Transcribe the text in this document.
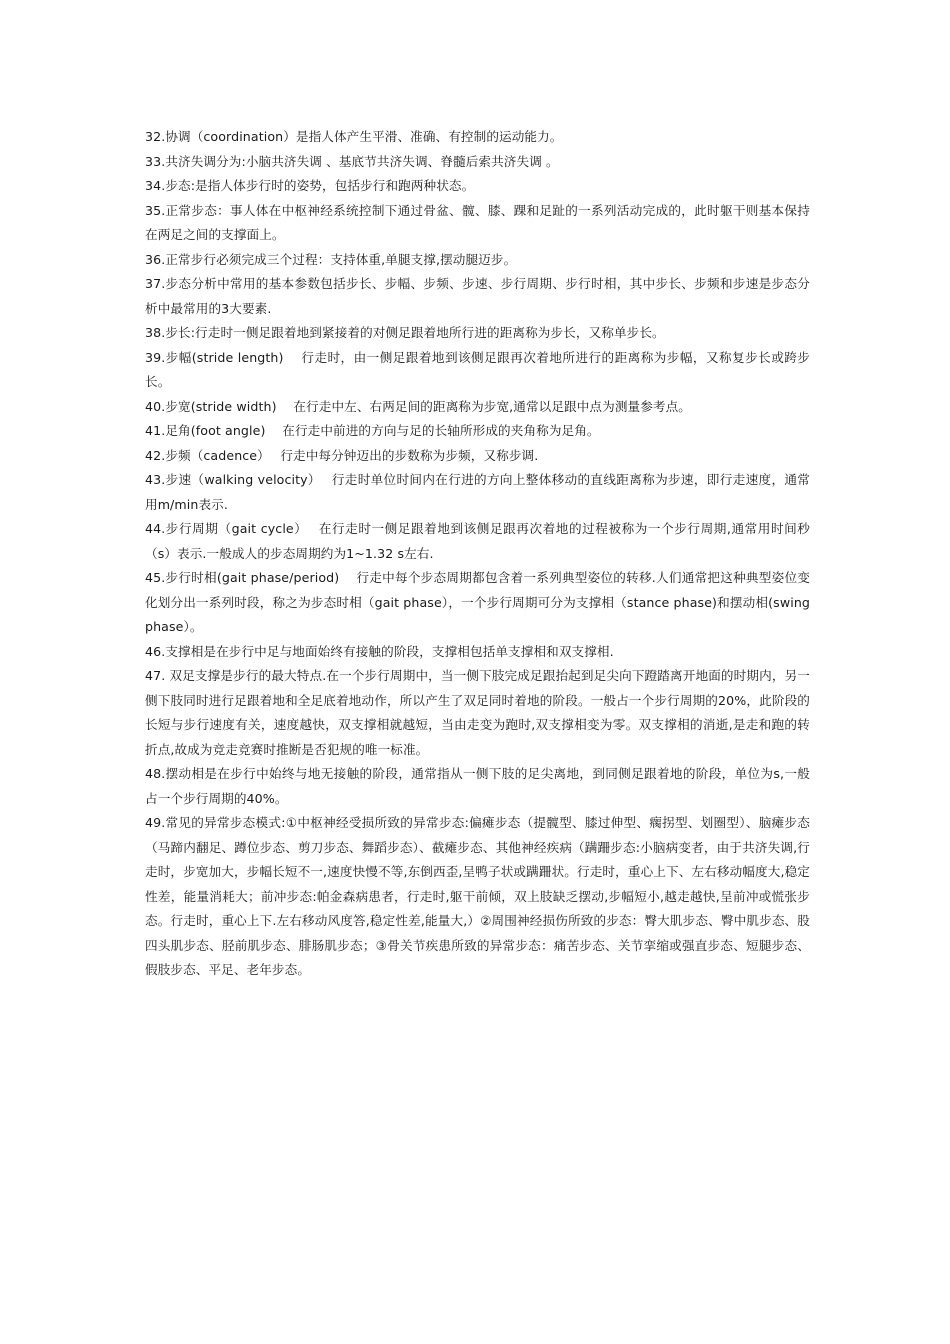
32.协调（coordination）是指人体产生平滑、准确、有控制的运动能力。

33.共济失调分为:小脑共济失调 、基底节共济失调、脊髓后索共济失调 。

34.步态:是指人体步行时的姿势，包括步行和跑两种状态。

35.正常步态：事人体在中枢神经系统控制下通过骨盆、髋、膝、踝和足趾的一系列活动完成的，此时躯干则基本保持在两足之间的支撑面上。

36.正常步行必须完成三个过程：支持体重,单腿支撑,摆动腿迈步。

37.步态分析中常用的基本参数包括步长、步幅、步频、步速、步行周期、步行时相，其中步长、步频和步速是步态分析中最常用的3大要素.

38.步长:行走时一侧足跟着地到紧接着的对侧足跟着地所行进的距离称为步长，又称单步长。

39.步幅(stride length)　 行走时，由一侧足跟着地到该侧足跟再次着地所进行的距离称为步幅，又称复步长或跨步长。

40.步宽(stride width)　 在行走中左、右两足间的距离称为步宽,通常以足跟中点为测量参考点。

41.足角(foot angle)　 在行走中前进的方向与足的长轴所形成的夹角称为足角。

42.步频（cadence）　 行走中每分钟迈出的步数称为步频，又称步调.

43.步速（walking velocity）　 行走时单位时间内在行进的方向上整体移动的直线距离称为步速，即行走速度，通常用m/min表示.

44.步行周期（gait cycle）　 在行走时一侧足跟着地到该侧足跟再次着地的过程被称为一个步行周期,通常用时间秒（s）表示.一般成人的步态周期约为1~1.32 s左右.

45.步行时相(gait phase/period)　 行走中每个步态周期都包含着一系列典型姿位的转移.人们通常把这种典型姿位变化划分出一系列时段，称之为步态时相（gait phase），一个步行周期可分为支撑相（stance phase)和摆动相(swing phase）。

46.支撑相是在步行中足与地面始终有接触的阶段，支撑相包括单支撑相和双支撑相.

47. 双足支撑是步行的最大特点.在一个步行周期中，当一侧下肢完成足跟抬起到足尖向下蹬踏离开地面的时期内，另一侧下肢同时进行足跟着地和全足底着地动作，所以产生了双足同时着地的阶段。一般占一个步行周期的20%，此阶段的长短与步行速度有关，速度越快，双支撑相就越短，当由走变为跑时,双支撑相变为零。双支撑相的消逝,是走和跑的转折点,故成为竞走竞赛时推断是否犯规的唯一标准。

48.摆动相是在步行中始终与地无接触的阶段，通常指从一侧下肢的足尖离地，到同侧足跟着地的阶段，单位为s,一般占一个步行周期的40%。

49.常见的异常步态模式:①中枢神经受损所致的异常步态:偏瘫步态（提髋型、膝过伸型、瘸拐型、划圈型）、脑瘫步态（马蹄内翻足、蹲位步态、剪刀步态、舞蹈步态）、截瘫步态、其他神经疾病（蹒跚步态:小脑病变者，由于共济失调,行走时，步宽加大，步幅长短不一,速度快慢不等,东倒西歪,呈鸭子状或蹒跚状。行走时，重心上下、左右移动幅度大,稳定性差，能量消耗大；前冲步态:帕金森病患者，行走时,躯干前倾，双上肢缺乏摆动,步幅短小,越走越快,呈前冲或慌张步态。行走时，重心上下.左右移动风度答,稳定性差,能量大,）②周围神经损伤所致的步态：臀大肌步态、臀中肌步态、股四头肌步态、胫前肌步态、腓肠肌步态；③骨关节疾患所致的异常步态：痛苦步态、关节挛缩或强直步态、短腿步态、假肢步态、平足、老年步态。
